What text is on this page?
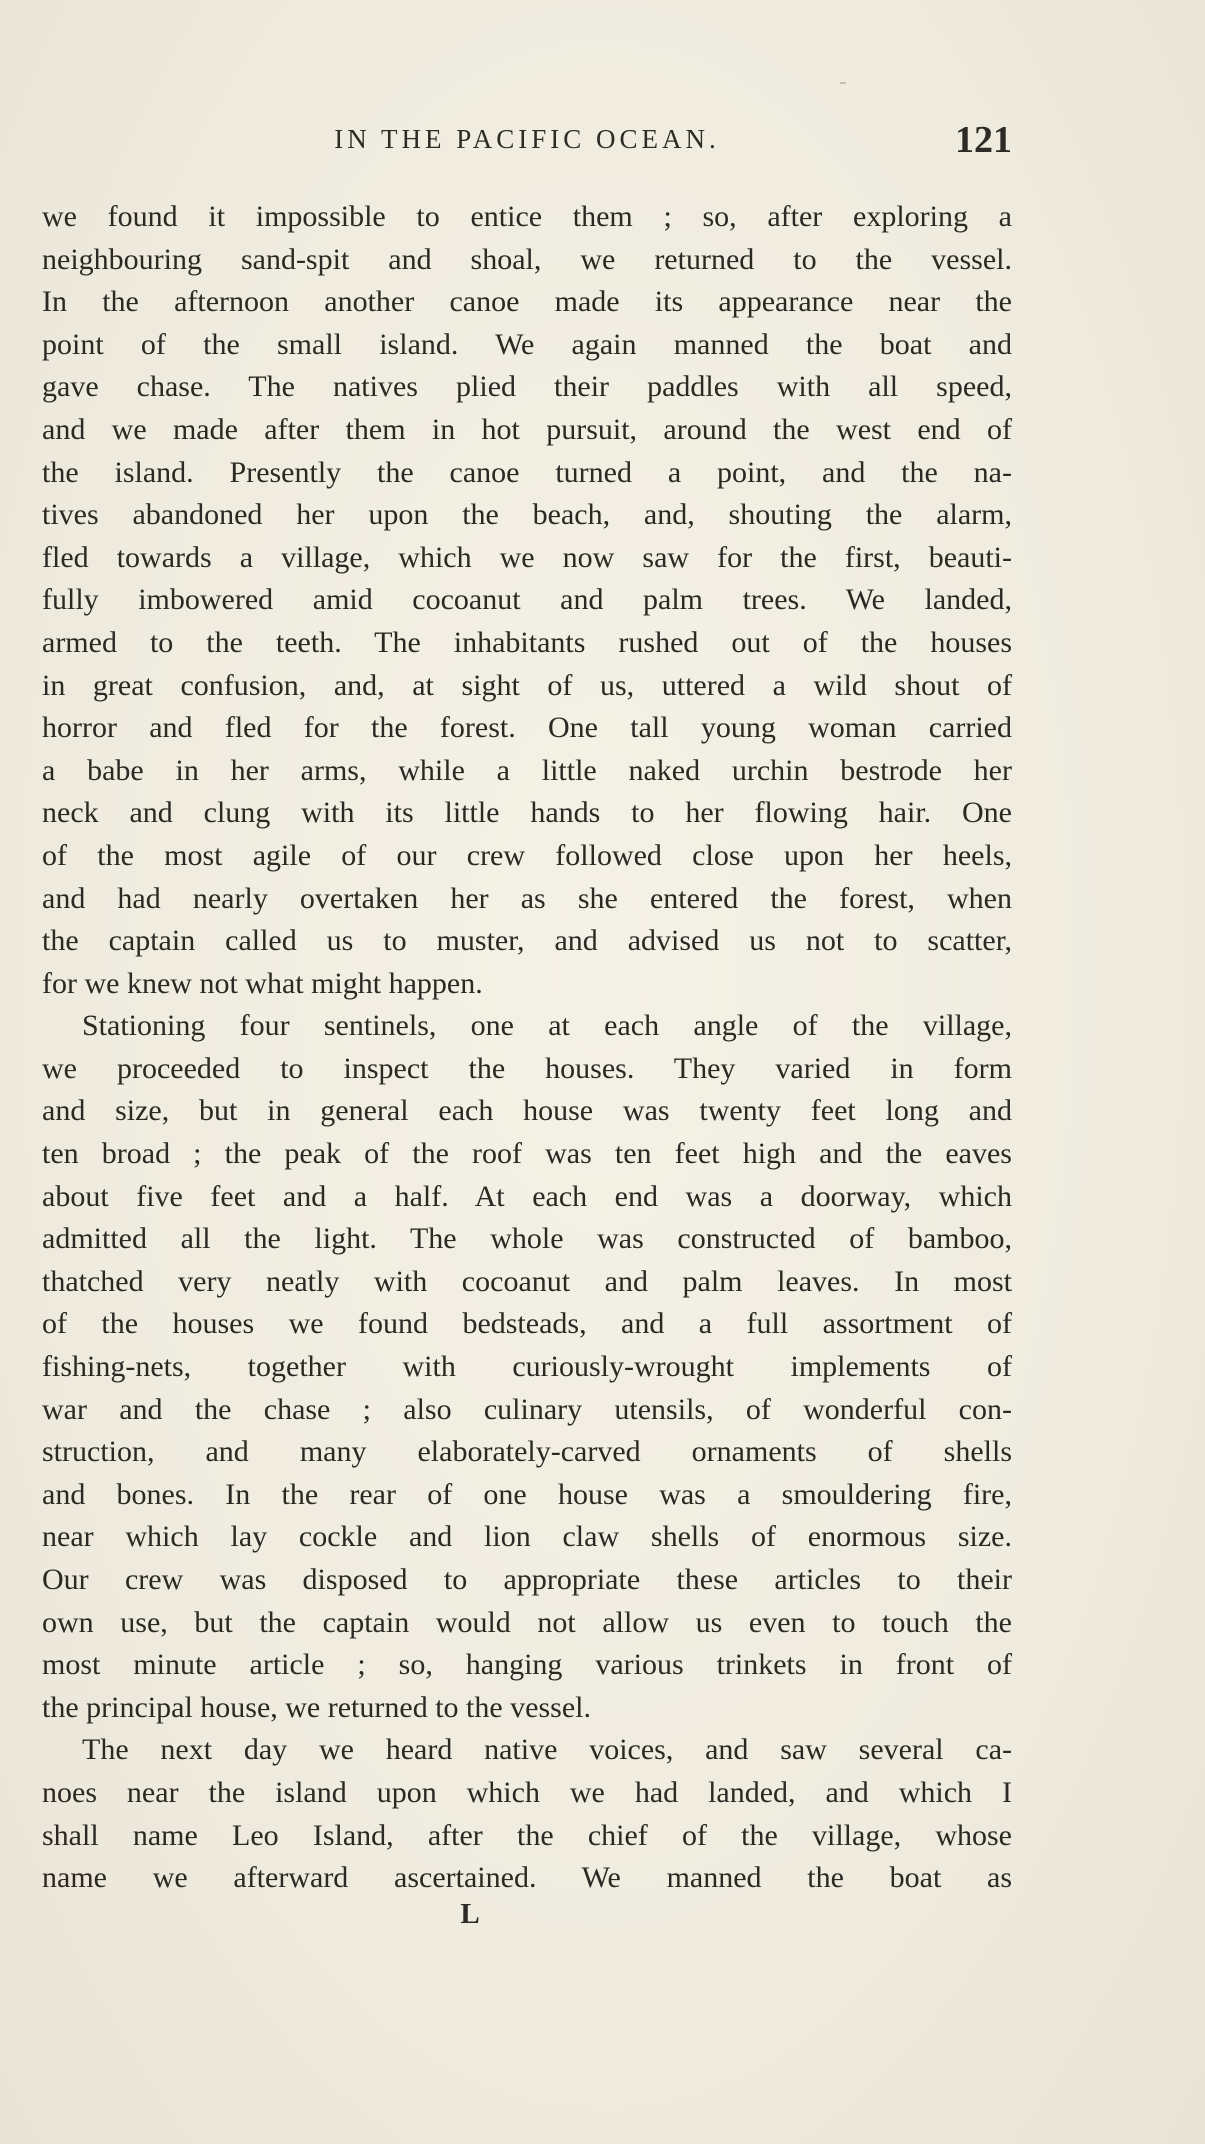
IN THE PACIFIC OCEAN.	121
we found it impossible to entice them ; so, after exploring a
neighbouring sand-spit and shoal, we returned to the vessel.
In the afternoon another canoe made its appearance near the
point of the small island. We again manned the boat and
gave chase. The natives plied their paddles with all speed,
and we made after them in hot pursuit, around the west end of
the island. Presently the canoe turned a point, and the na-
tives abandoned her upon the beach, and, shouting the alarm,
fled towards a village, which we now saw for the first, beauti-
fully imbowered amid cocoanut and palm trees. We landed,
armed to the teeth. The inhabitants rushed out of the houses
in great confusion, and, at sight of us, uttered a wild shout of
horror and fled for the forest. One tall young woman carried
a babe in her arms, while a little naked urchin bestrode her
neck and clung with its little hands to her flowing hair. One
of the most agile of our crew followed close upon her heels,
and had nearly overtaken her as she entered the forest, when
the captain called us to muster, and advised us not to scatter,
for we knew not what might happen.
Stationing four sentinels, one at each angle of the village,
we proceeded to inspect the houses. They varied in form
and size, but in general each house was twenty feet long and
ten broad ; the peak of the roof was ten feet high and the eaves
about five feet and a half. At each end was a doorway, which
admitted all the light. The whole was constructed of bamboo,
thatched very neatly with cocoanut and palm leaves. In most
of the houses we found bedsteads, and a full assortment of
fishing-nets, together with curiously-wrought implements of
war and the chase ; also culinary utensils, of wonderful con-
struction, and many elaborately-carved ornaments of shells
and bones. In the rear of one house was a smouldering fire,
near which lay cockle and lion claw shells of enormous size.
Our crew was disposed to appropriate these articles to their
own use, but the captain would not allow us even to touch the
most minute article ; so, hanging various trinkets in front of
the principal house, we returned to the vessel.
The next day we heard native voices, and saw several ca-
noes near the island upon which we had landed, and which I
shall name Leo Island, after the chief of the village, whose
name we afterward ascertained. We manned the boat as
L
